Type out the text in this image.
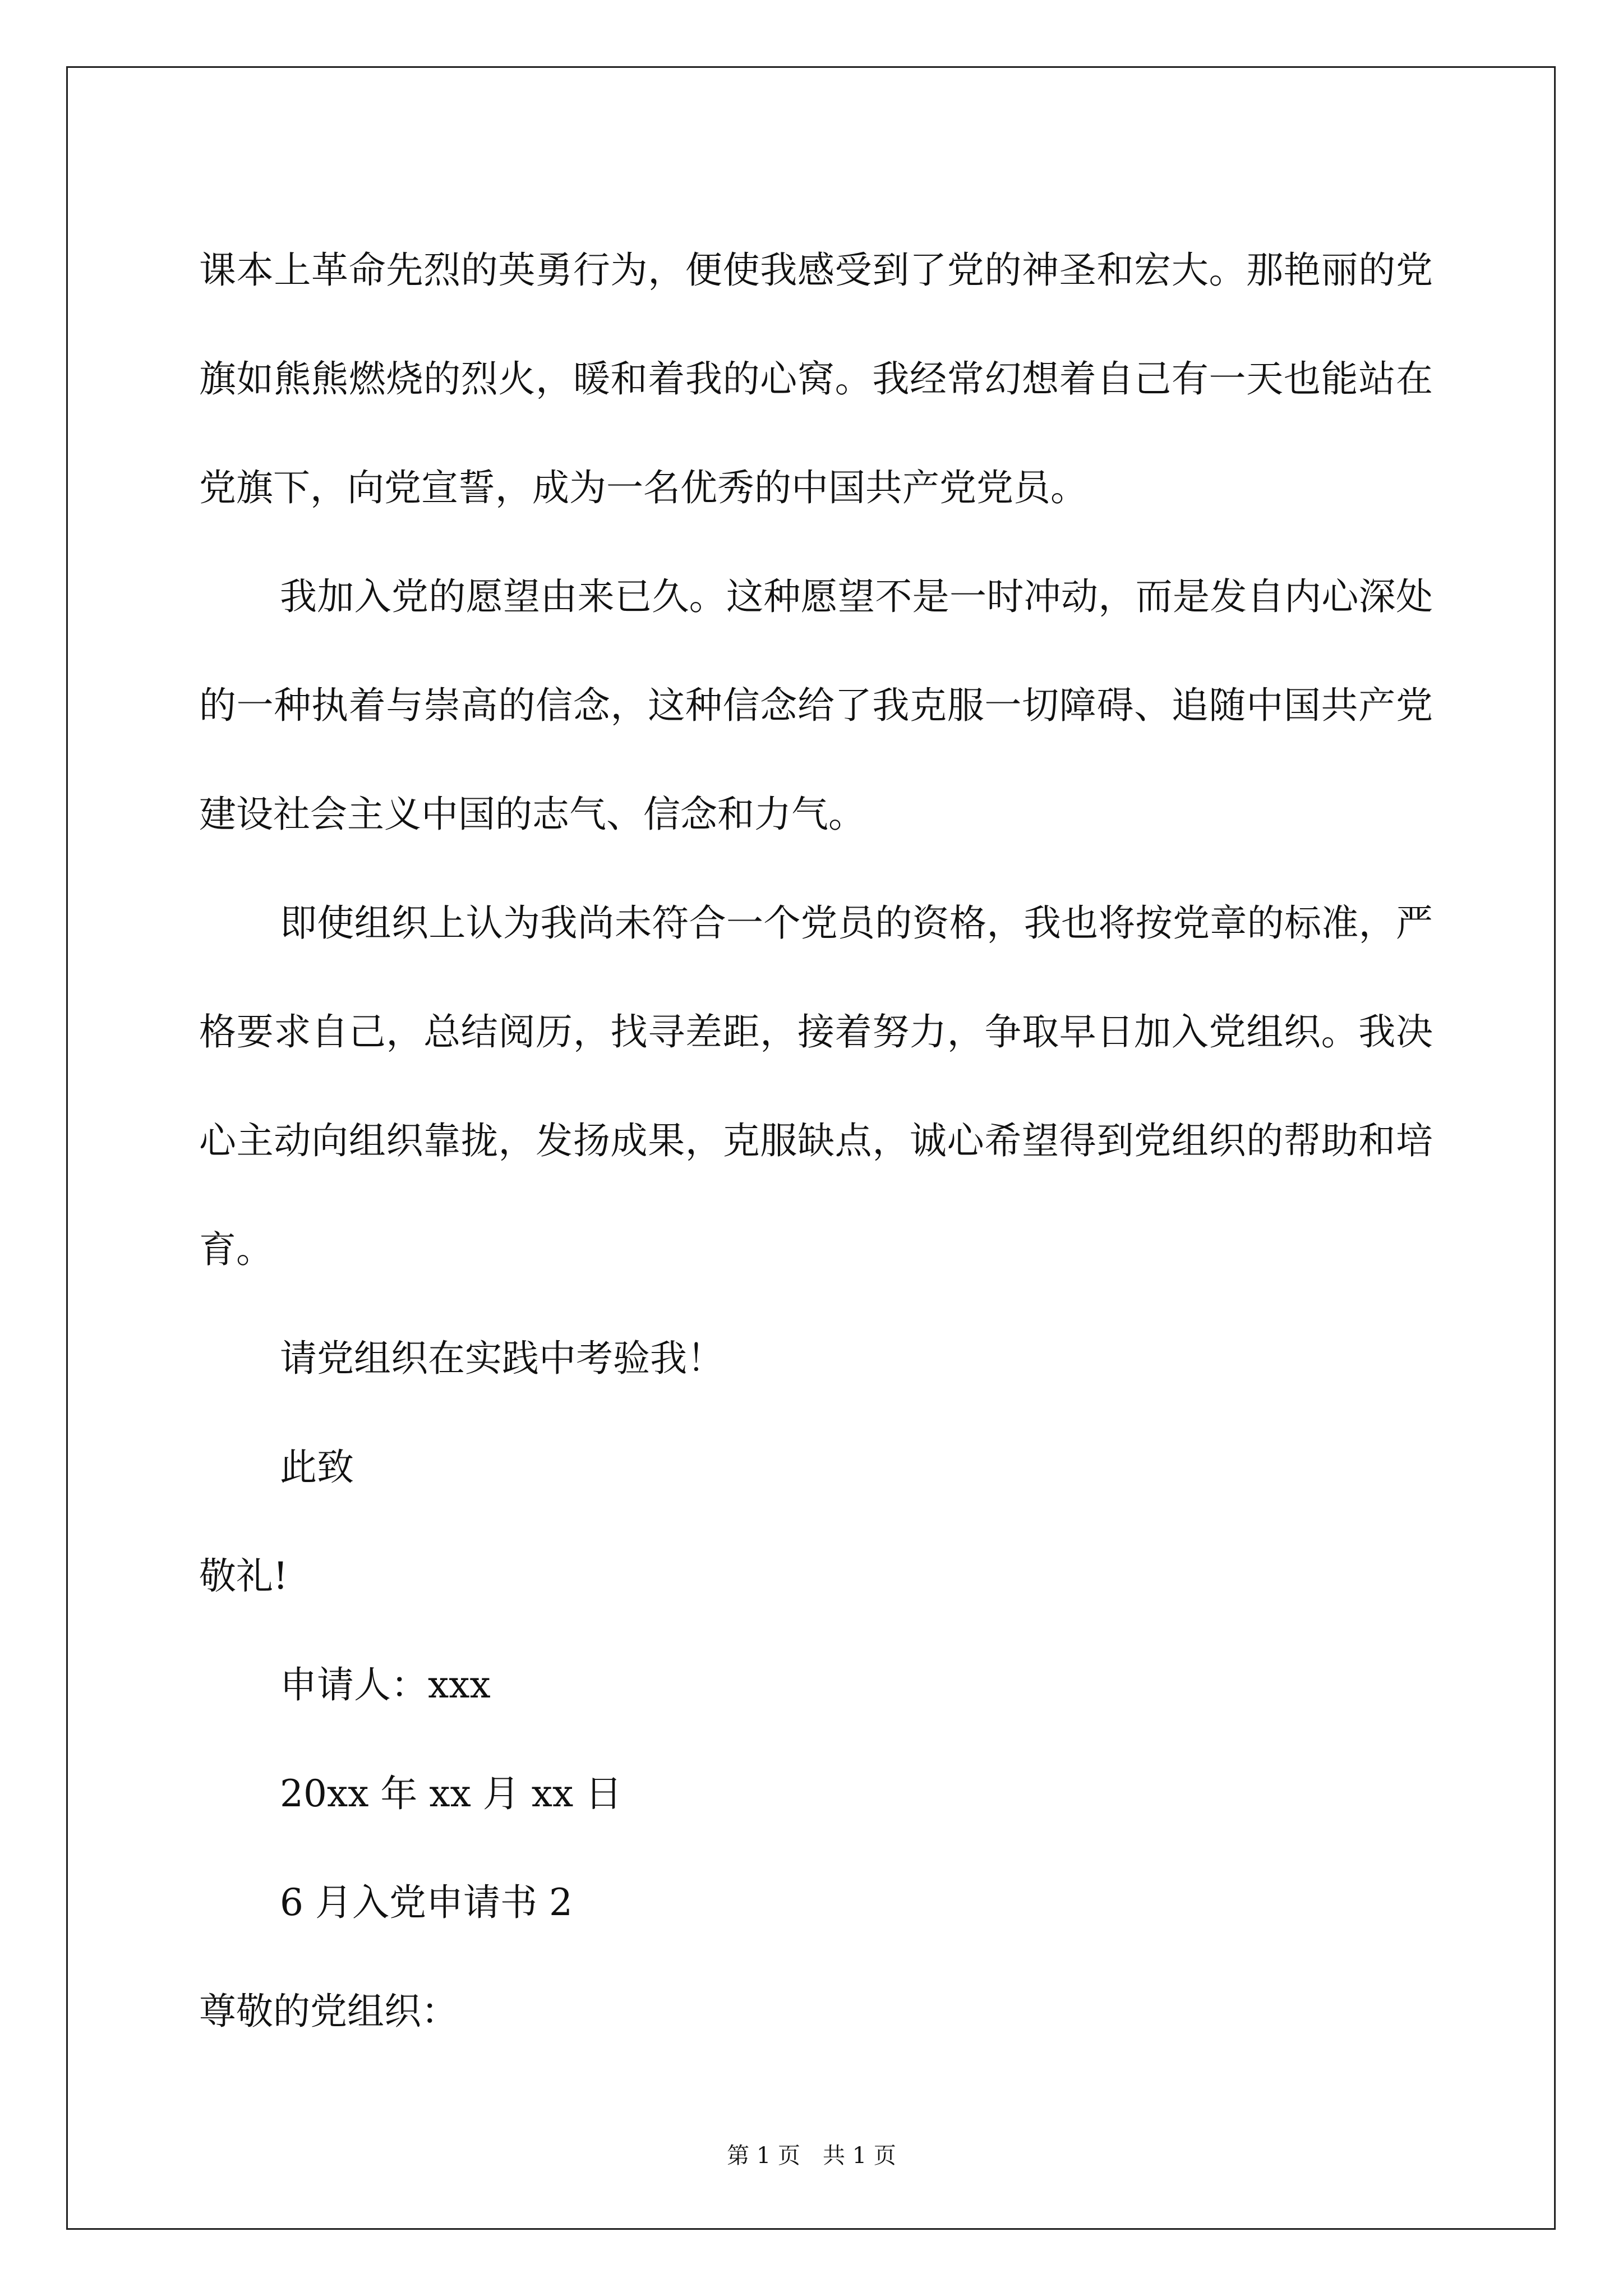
课本上革命先烈的英勇行为，便使我感受到了党的神圣和宏大。那艳丽的党旗如熊熊燃烧的烈火，暖和着我的心窝。我经常幻想着自己有一天也能站在党旗下，向党宣誓，成为一名优秀的中国共产党党员。

我加入党的愿望由来已久。这种愿望不是一时冲动，而是发自内心深处的一种执着与崇高的信念，这种信念给了我克服一切障碍、追随中国共产党建设社会主义中国的志气、信念和力气。

即使组织上认为我尚未符合一个党员的资格，我也将按党章的标准，严格要求自己，总结阅历，找寻差距，接着努力，争取早日加入党组织。我决心主动向组织靠拢，发扬成果，克服缺点，诚心希望得到党组织的帮助和培育。

请党组织在实践中考验我！

此致

敬礼!

申请人：xxx

20xx 年 xx 月 xx 日

6 月入党申请书 2

尊敬的党组织：

第 1 页　共 1 页
